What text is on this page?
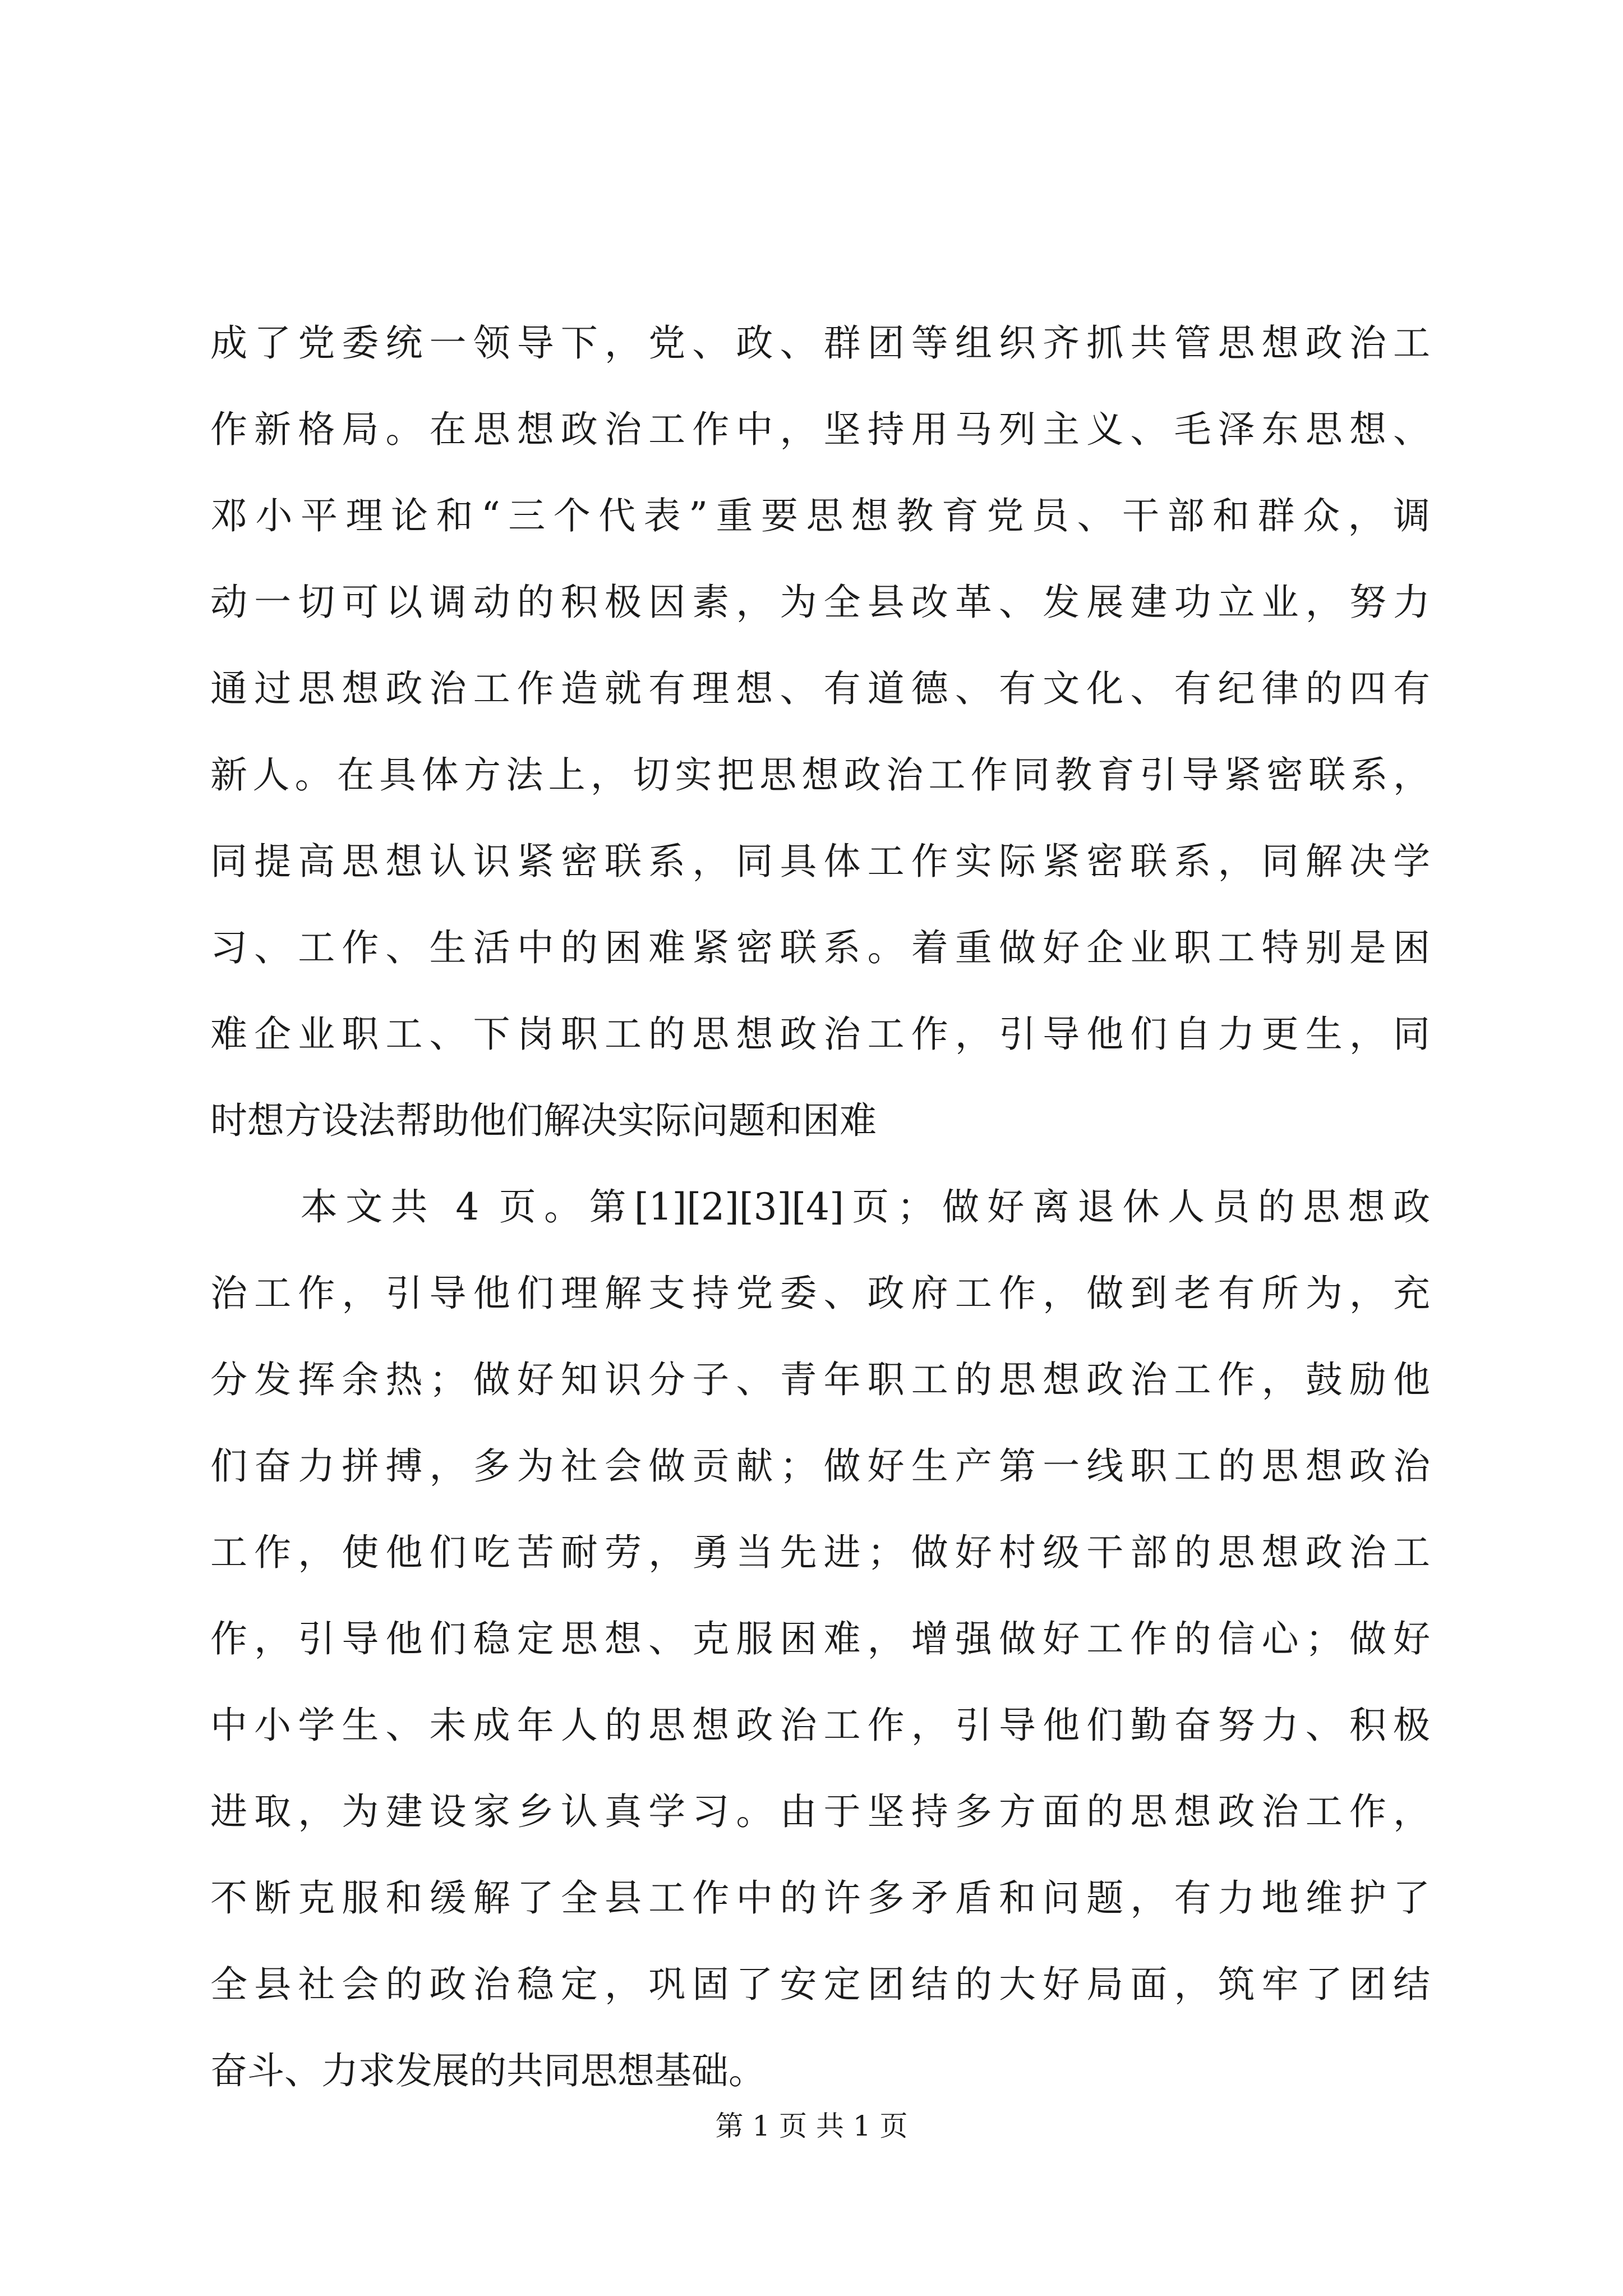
成了党委统一领导下，党、政、群团等组织齐抓共管思想政治工
作新格局。在思想政治工作中，坚持用马列主义、毛泽东思想、
邓小平理论和“三个代表”重要思想教育党员、干部和群众，调
动一切可以调动的积极因素，为全县改革、发展建功立业，努力
通过思想政治工作造就有理想、有道德、有文化、有纪律的四有
新人。在具体方法上，切实把思想政治工作同教育引导紧密联系，
同提高思想认识紧密联系，同具体工作实际紧密联系，同解决学
习、工作、生活中的困难紧密联系。着重做好企业职工特别是困
难企业职工、下岗职工的思想政治工作，引导他们自力更生，同
时想方设法帮助他们解决实际问题和困难
　　本文共 4 页。第[1][2][3][4]页；做好离退休人员的思想政
治工作，引导他们理解支持党委、政府工作，做到老有所为，充
分发挥余热；做好知识分子、青年职工的思想政治工作，鼓励他
们奋力拼搏，多为社会做贡献；做好生产第一线职工的思想政治
工作，使他们吃苦耐劳，勇当先进；做好村级干部的思想政治工
作，引导他们稳定思想、克服困难，增强做好工作的信心；做好
中小学生、未成年人的思想政治工作，引导他们勤奋努力、积极
进取，为建设家乡认真学习。由于坚持多方面的思想政治工作，
不断克服和缓解了全县工作中的许多矛盾和问题，有力地维护了
全县社会的政治稳定，巩固了安定团结的大好局面，筑牢了团结
奋斗、力求发展的共同思想基础。
第 1 页 共 1 页
